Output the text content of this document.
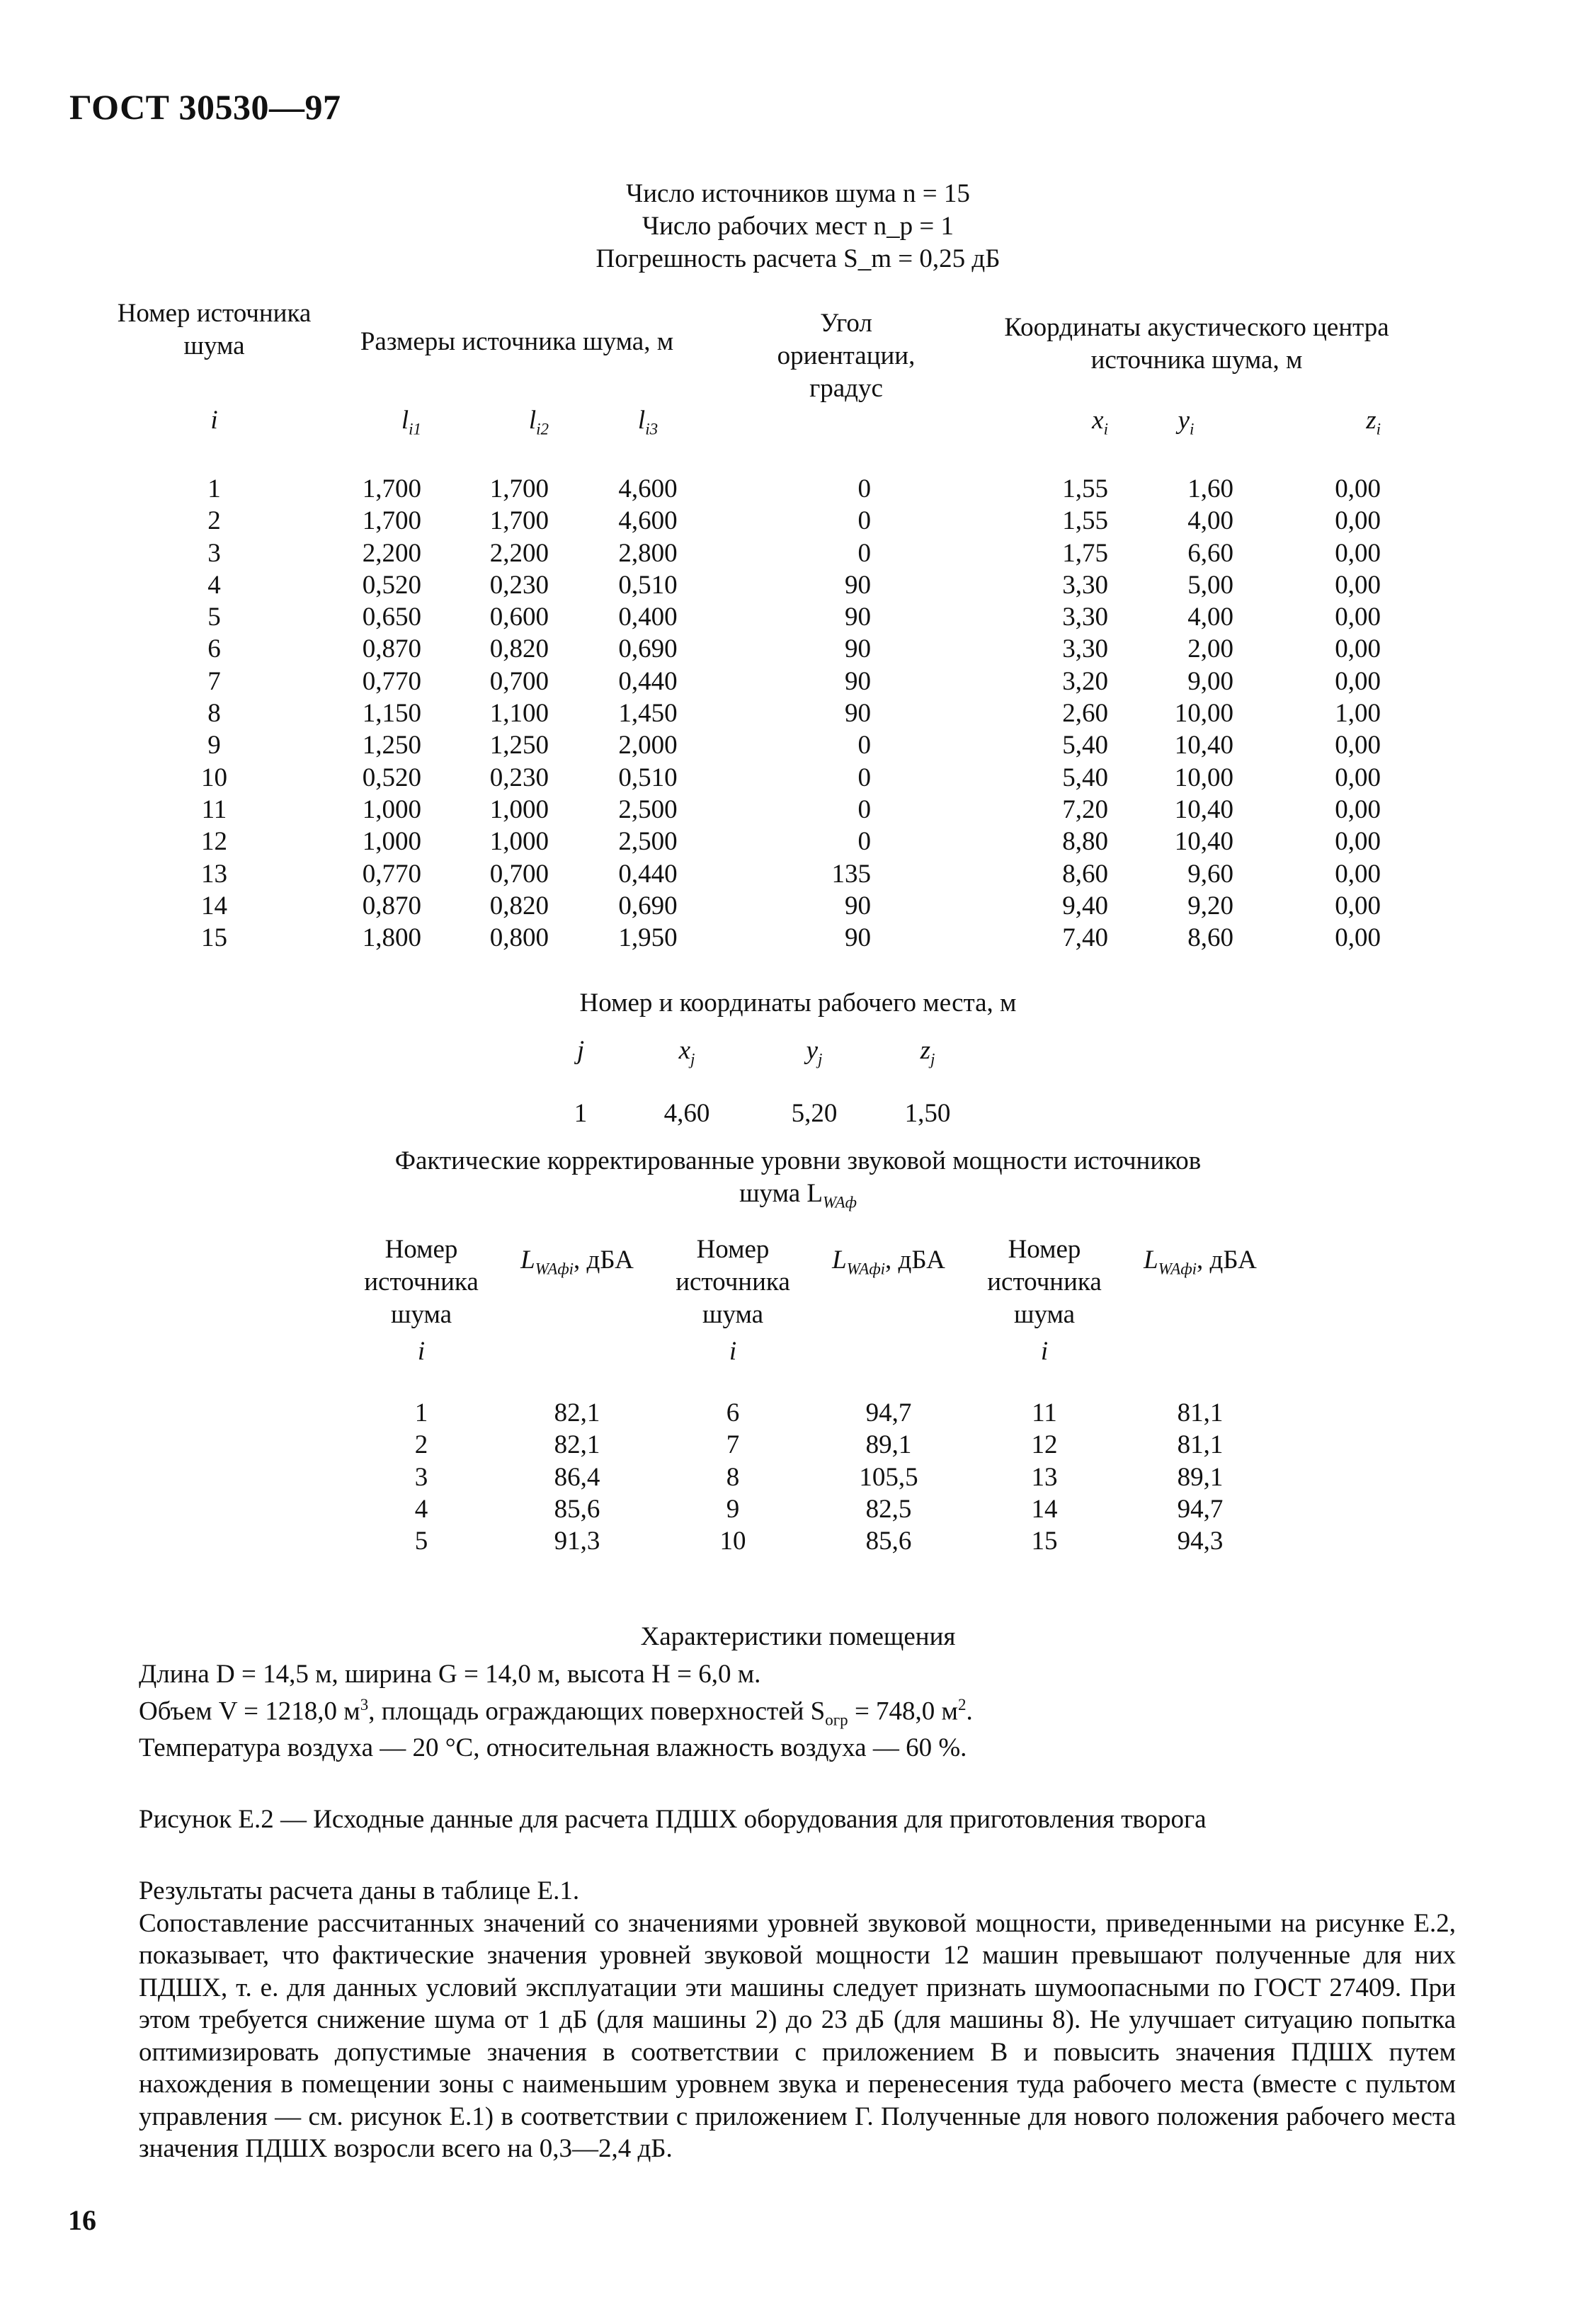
ГОСТ 30530—97
Число источников шума n = 15
Число рабочих мест n_p = 1
Погрешность расчета S_m = 0,25 дБ
Номер источника шума	Размеры источника шума, м			Угол ориентации, градус	Координаты акустического центра источника шума, м		
i	$l_{i1}$	$l_{i2}$	$l_{i3}$		$x_i$	$y_i$	$z_i$
1	1,700	1,700	4,600	0	1,55	1,60	0,00
2	1,700	1,700	4,600	0	1,55	4,00	0,00
3	2,200	2,200	2,800	0	1,75	6,60	0,00
4	0,520	0,230	0,510	90	3,30	5,00	0,00
5	0,650	0,600	0,400	90	3,30	4,00	0,00
6	0,870	0,820	0,690	90	3,30	2,00	0,00
7	0,770	0,700	0,440	90	3,20	9,00	0,00
8	1,150	1,100	1,450	90	2,60	10,00	1,00
9	1,250	1,250	2,000	0	5,40	10,40	0,00
10	0,520	0,230	0,510	0	5,40	10,00	0,00
11	1,000	1,000	2,500	0	7,20	10,40	0,00
12	1,000	1,000	2,500	0	8,80	10,40	0,00
13	0,770	0,700	0,440	135	8,60	9,60	0,00
14	0,870	0,820	0,690	90	9,40	9,20	0,00
15	1,800	0,800	1,950	90	7,40	8,60	0,00
Номер и координаты рабочего места, м
j	$x_j$	$y_j$	$z_j$
1	4,60	5,20	1,50
Фактические корректированные уровни звуковой мощности источников
шума $L_{WAф}$
Номер источника шума	$L_{WAфi}$, дБА	Номер источника шума	$L_{WAфi}$, дБА	Номер источника шума	$L_{WAфi}$, дБА
i		i		i	
1	82,1	6	94,7	11	81,1
2	82,1	7	89,1	12	81,1
3	86,4	8	105,5	13	89,1
4	85,6	9	82,5	14	94,7
5	91,3	10	85,6	15	94,3
Характеристики помещения
Длина D = 14,5 м, ширина G = 14,0 м, высота H = 6,0 м.
Объем V = 1218,0 $м^3$, площадь ограждающих поверхностей $S_{огр} = 748,0$ $м^2$.
Температура воздуха — 20 °С, относительная влажность воздуха — 60 %.
Рисунок Е.2 — Исходные данные для расчета ПДШХ оборудования для приготовления творога

Результаты расчета даны в таблице Е.1.

Сопоставление рассчитанных значений со значениями уровней звуковой мощности, приведенными на рисунке Е.2, показывает, что фактические значения уровней звуковой мощности 12 машин превышают полученные для них ПДШХ, т. е. для данных условий эксплуатации эти машины следует признать шумоопасными по ГОСТ 27409. При этом требуется снижение шума от 1 дБ (для машины 2) до 23 дБ (для машины 8). Не улучшает ситуацию попытка оптимизировать допустимые значения в соответствии с приложением В и повысить значения ПДШХ путем нахождения в помещении зоны с наименьшим уровнем звука и перенесения туда рабочего места (вместе с пультом управления — см. рисунок Е.1) в соответствии с приложением Г. Полученные для нового положения рабочего места значения ПДШХ возросли всего на 0,3—2,4 дБ.

16
